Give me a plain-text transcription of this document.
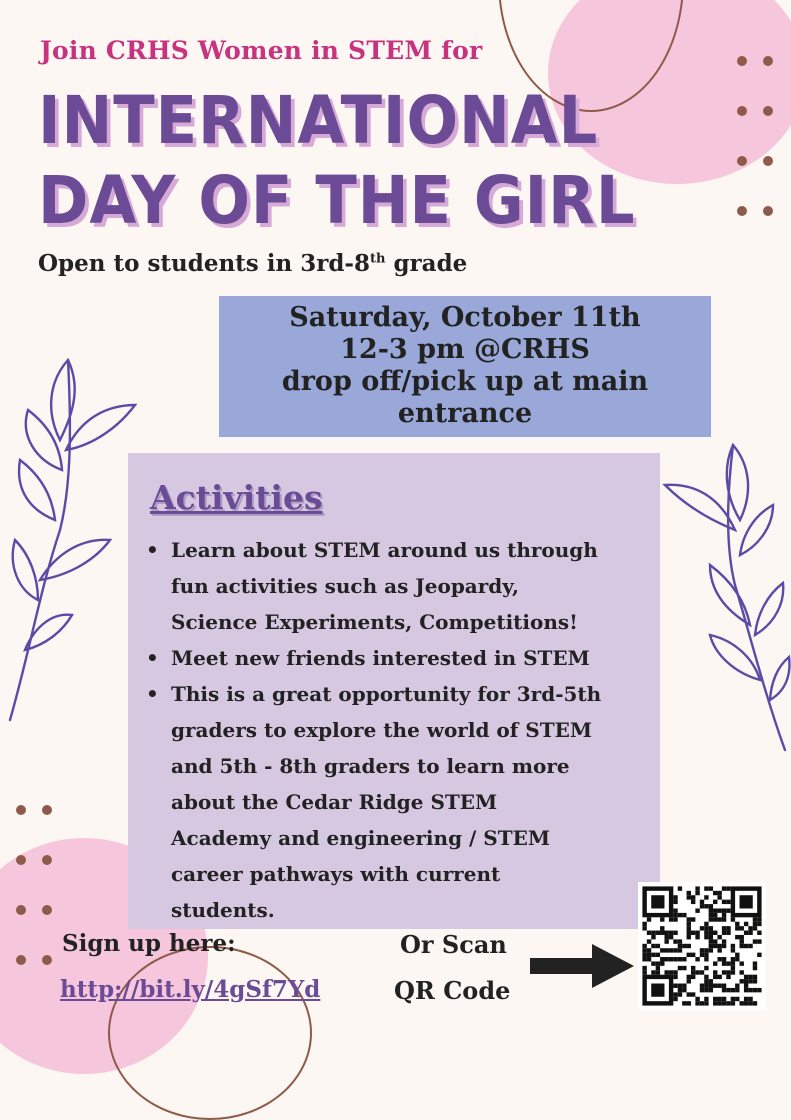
Join CRHS Women in STEM for
INTERNATIONAL
DAY OF THE GIRL
Open to students in 3rd-8th grade
Saturday, October 11th
12-3 pm @CRHS
drop off/pick up at main
entrance
Activities
• Learn about STEM around us through
fun activities such as Jeopardy,
Science Experiments, Competitions!
• Meet new friends interested in STEM
• This is a great opportunity for 3rd-5th
graders to explore the world of STEM
and 5th - 8th graders to learn more
about the Cedar Ridge STEM
Academy and engineering / STEM
career pathways with current
students.
Sign up here:
http://bit.ly/4gSf7Yd
Or Scan
QR Code
